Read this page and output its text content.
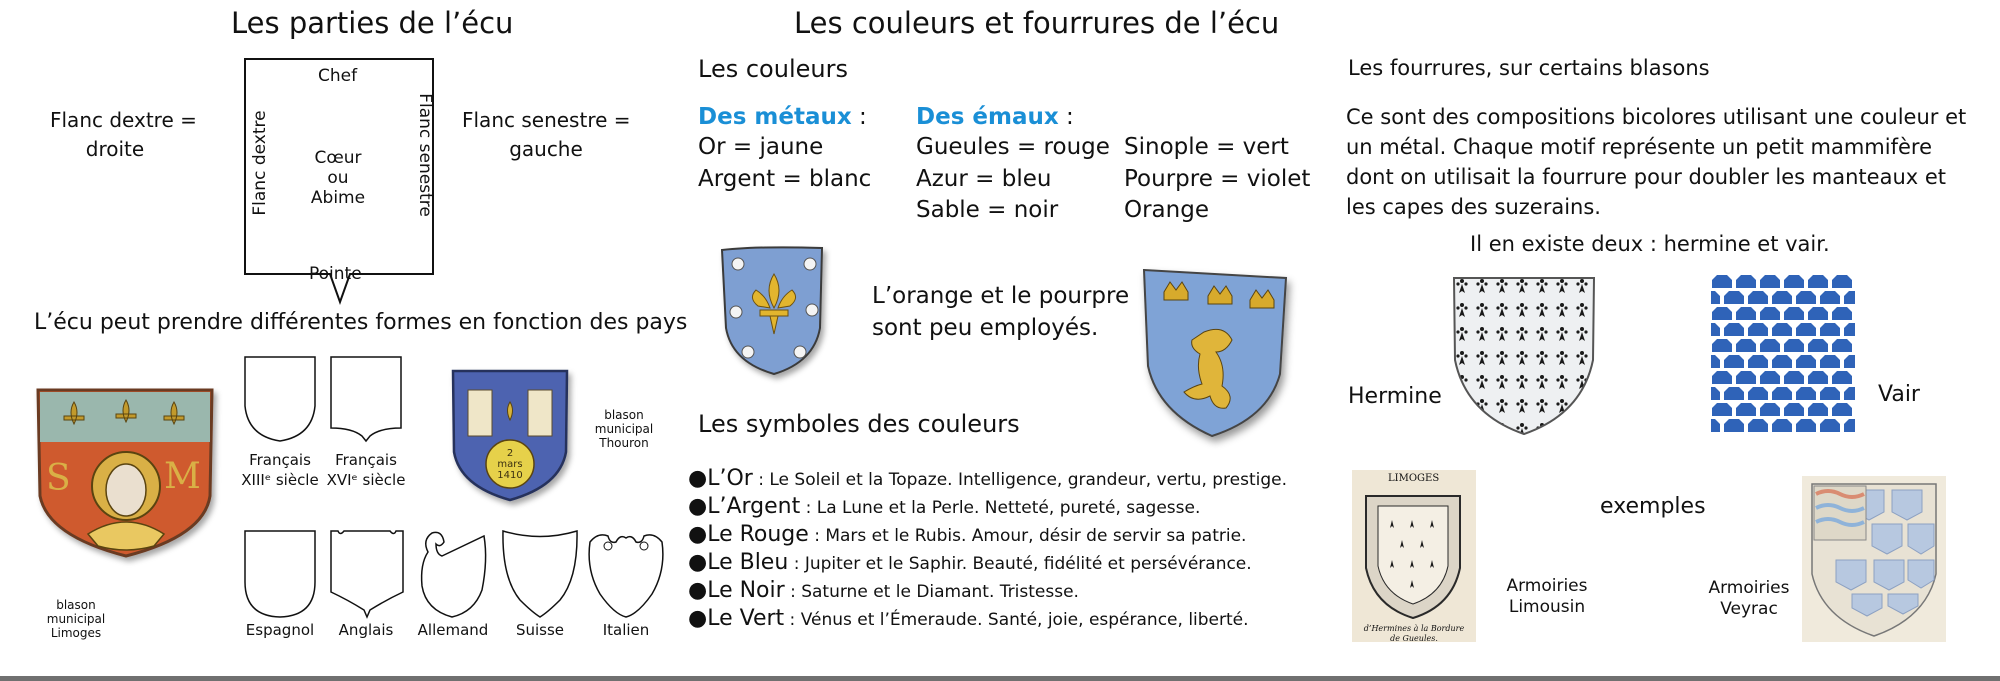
Les parties de l’écu
Chef
Pointe
Cœur
ou
Abime
Flanc dextre	Flanc senestre
Flanc dextre =
droite
Flanc senestre =
gauche
L’écu peut prendre différentes formes en fonction des pays
S	M
blason
municipal
Limoges
Français
XIIIᵉ siècle
Français
XVIᵉ siècle
2
mars
1410
blason
municipal
Thouron
Espagnol	Anglais	Allemand	Suisse	Italien
Les couleurs et fourrures de l’écu
Les couleurs
Des métaux :
Or = jaune
Argent = blanc
Des émaux :
Gueules = rouge
Azur = bleu
Sable = noir
Sinople = vert
Pourpre = violet
Orange
L’orange et le pourpre
sont peu employés.
Les symboles des couleurs
●L’Or : Le Soleil et la Topaze. Intelligence, grandeur, vertu, prestige.
●L’Argent : La Lune et la Perle. Netteté, pureté, sagesse.
●Le Rouge : Mars et le Rubis. Amour, désir de servir sa patrie.
●Le Bleu : Jupiter et le Saphir. Beauté, fidélité et persévérance.
●Le Noir : Saturne et le Diamant. Tristesse.
●Le Vert : Vénus et l’Émeraude. Santé, joie, espérance, liberté.
Les fourrures, sur certains blasons
Ce sont des compositions bicolores utilisant une couleur et
un métal. Chaque motif représente un petit mammifère
dont on utilisait la fourrure pour doubler les manteaux et
les capes des suzerains.
Il en existe deux : hermine et vair.
Hermine	Vair
LIMOGES
d’Hermines à la Bordure
de Gueules.
Armoiries
Limousin
exemples
Armoiries
Veyrac
